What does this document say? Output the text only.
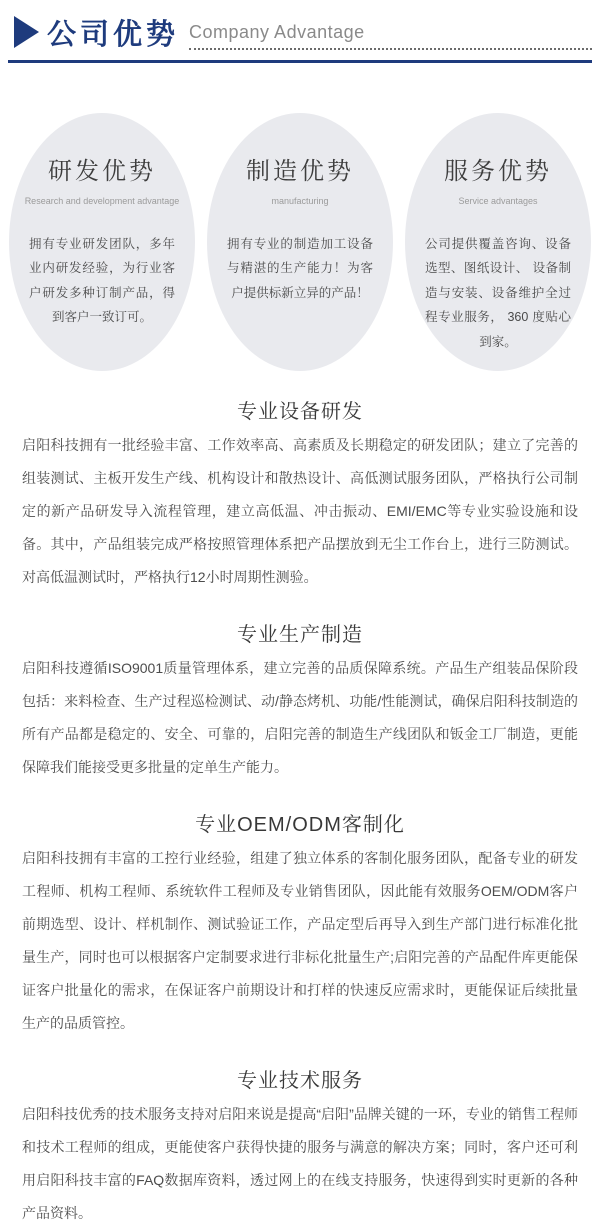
公司优势 Company Advantage
研发优势
Research and development advantage
拥有专业研发团队，多年业内研发经验，为行业客户研发多种订制产品，得到客户一致订可。
制造优势
manufacturing
拥有专业的制造加工设备与精湛的生产能力！为客户提供标新立异的产品！
服务优势
Service advantages
公司提供覆盖咨询、设备选型、图纸设计、 设备制造与安装、设备维护全过程专业服务， 360 度贴心到家。
专业设备研发

启阳科技拥有一批经验丰富、工作效率高、高素质及长期稳定的研发团队；建立了完善的组装测试、主板开发生产线、机构设计和散热设计、高低测试服务团队，严格执行公司制定的新产品研发导入流程管理，建立高低温、冲击振动、EMI/EMC等专业实验设施和设备。其中，产品组装完成严格按照管理体系把产品摆放到无尘工作台上，进行三防测试。对高低温测试时，严格执行12小时周期性测验。

专业生产制造

启阳科技遵循ISO9001质量管理体系，建立完善的品质保障系统。产品生产组装品保阶段包括：来料检查、生产过程巡检测试、动/静态烤机、功能/性能测试，确保启阳科技制造的所有产品都是稳定的、安全、可靠的，启阳完善的制造生产线团队和钣金工厂制造，更能保障我们能接受更多批量的定单生产能力。

专业OEM/ODM客制化

启阳科技拥有丰富的工控行业经验，组建了独立体系的客制化服务团队，配备专业的研发工程师、机构工程师、系统软件工程师及专业销售团队，因此能有效服务OEM/ODM客户前期选型、设计、样机制作、测试验证工作，产品定型后再导入到生产部门进行标准化批量生产，同时也可以根据客户定制要求进行非标化批量生产;启阳完善的产品配件库更能保证客户批量化的需求，在保证客户前期设计和打样的快速反应需求时，更能保证后续批量生产的品质管控。

专业技术服务

启阳科技优秀的技术服务支持对启阳来说是提高“启阳”品牌关键的一环，专业的销售工程师和技术工程师的组成，更能使客户获得快捷的服务与满意的解决方案；同时，客户还可利用启阳科技丰富的FAQ数据库资料，透过网上的在线支持服务，快速得到实时更新的各种产品资料。
